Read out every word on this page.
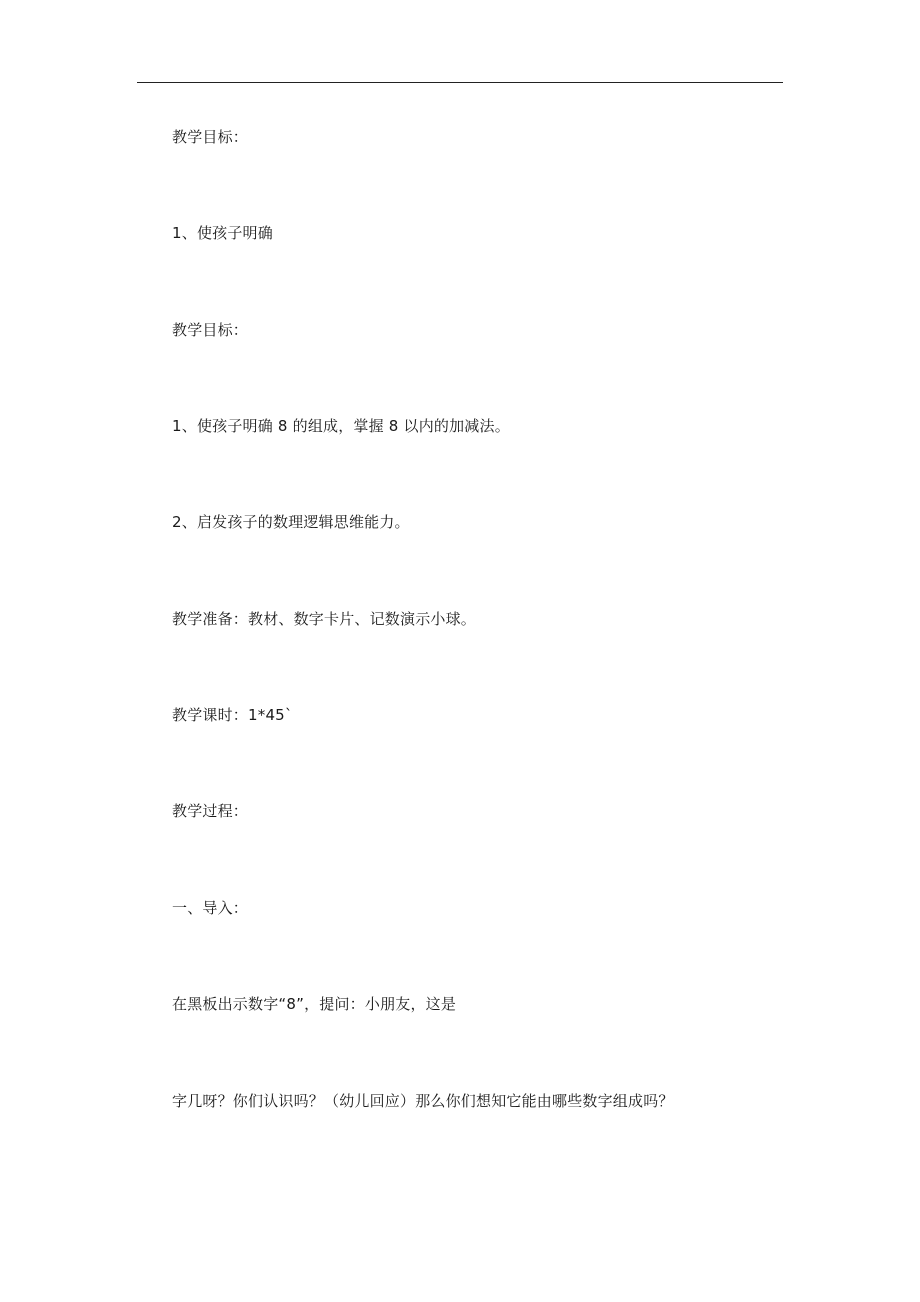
教学目标：

1、使孩子明确

教学目标：

1、使孩子明确 8 的组成，掌握 8 以内的加减法。

2、启发孩子的数理逻辑思维能力。

教学准备：教材、数字卡片、记数演示小球。

教学课时：1*45`

教学过程：

一、导入：

在黑板出示数字“8”，提问：小朋友，这是

字几呀？你们认识吗？（幼儿回应）那么你们想知它能由哪些数字组成吗？
